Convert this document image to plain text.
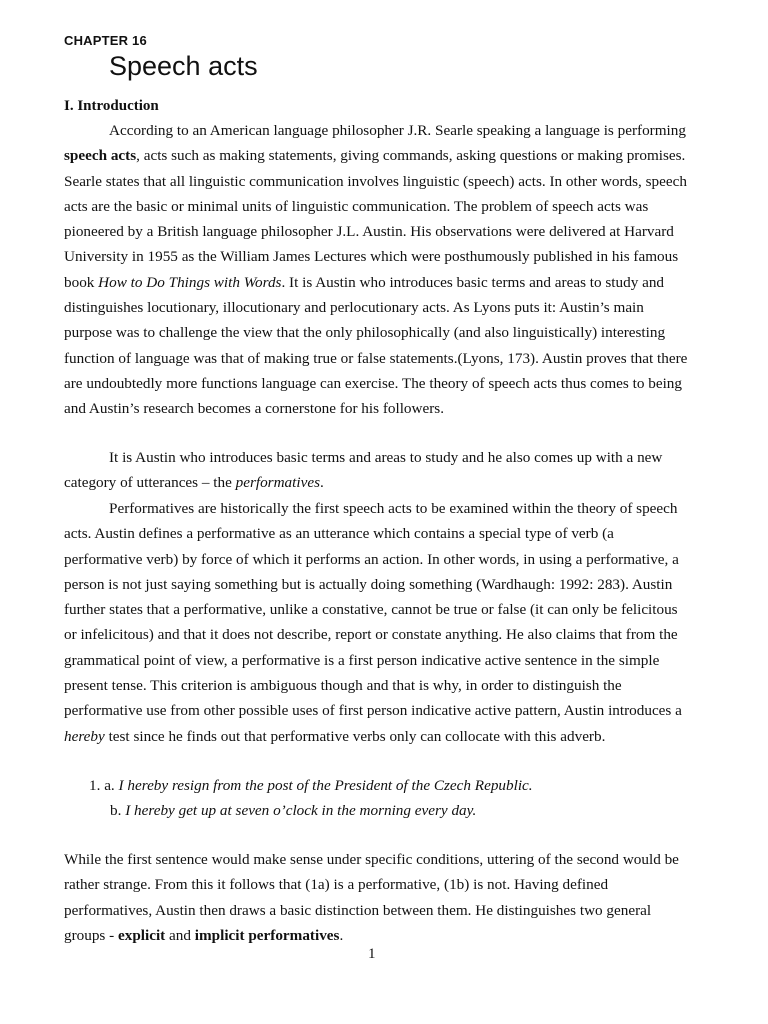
CHAPTER 16
Speech acts
I. Introduction
According to an American language philosopher J.R. Searle speaking a language is performing speech acts, acts such as making statements, giving commands, asking questions or making promises. Searle states that all linguistic communication involves linguistic (speech) acts. In other words, speech acts are the basic or minimal units of linguistic communication. The problem of speech acts was pioneered by a British language philosopher J.L. Austin. His observations were delivered at Harvard University in 1955 as the William James Lectures which were posthumously published in his famous book How to Do Things with Words. It is Austin who introduces basic terms and areas to study and distinguishes locutionary, illocutionary and perlocutionary acts. As Lyons puts it: Austin’s main purpose was to challenge the view that the only philosophically (and also linguistically) interesting function of language was that of making true or false statements.(Lyons, 173). Austin proves that there are undoubtedly more functions language can exercise. The theory of speech acts thus comes to being and Austin’s research becomes a cornerstone for his followers.
It is Austin who introduces basic terms and areas to study and he also comes up with a new category of utterances – the performatives.
Performatives are historically the first speech acts to be examined within the theory of speech acts. Austin defines a performative as an utterance which contains a special type of verb (a performative verb) by force of which it performs an action. In other words, in using a performative, a person is not just saying something but is actually doing something (Wardhaugh: 1992: 283). Austin further states that a performative, unlike a constative, cannot be true or false (it can only be felicitous or infelicitous) and that it does not describe, report or constate anything. He also claims that from the grammatical point of view, a performative is a first person indicative active sentence in the simple present tense. This criterion is ambiguous though and that is why, in order to distinguish the performative use from other possible uses of first person indicative active pattern, Austin introduces a hereby test since he finds out that performative verbs only can collocate with this adverb.
1. a. I hereby resign from the post of the President of the Czech Republic.
b. I hereby get up at seven o’clock in the morning every day.
While the first sentence would make sense under specific conditions, uttering of the second would be rather strange. From this it follows that (1a) is a performative, (1b) is not. Having defined performatives, Austin then draws a basic distinction between them. He distinguishes two general groups - explicit and implicit performatives.
1
